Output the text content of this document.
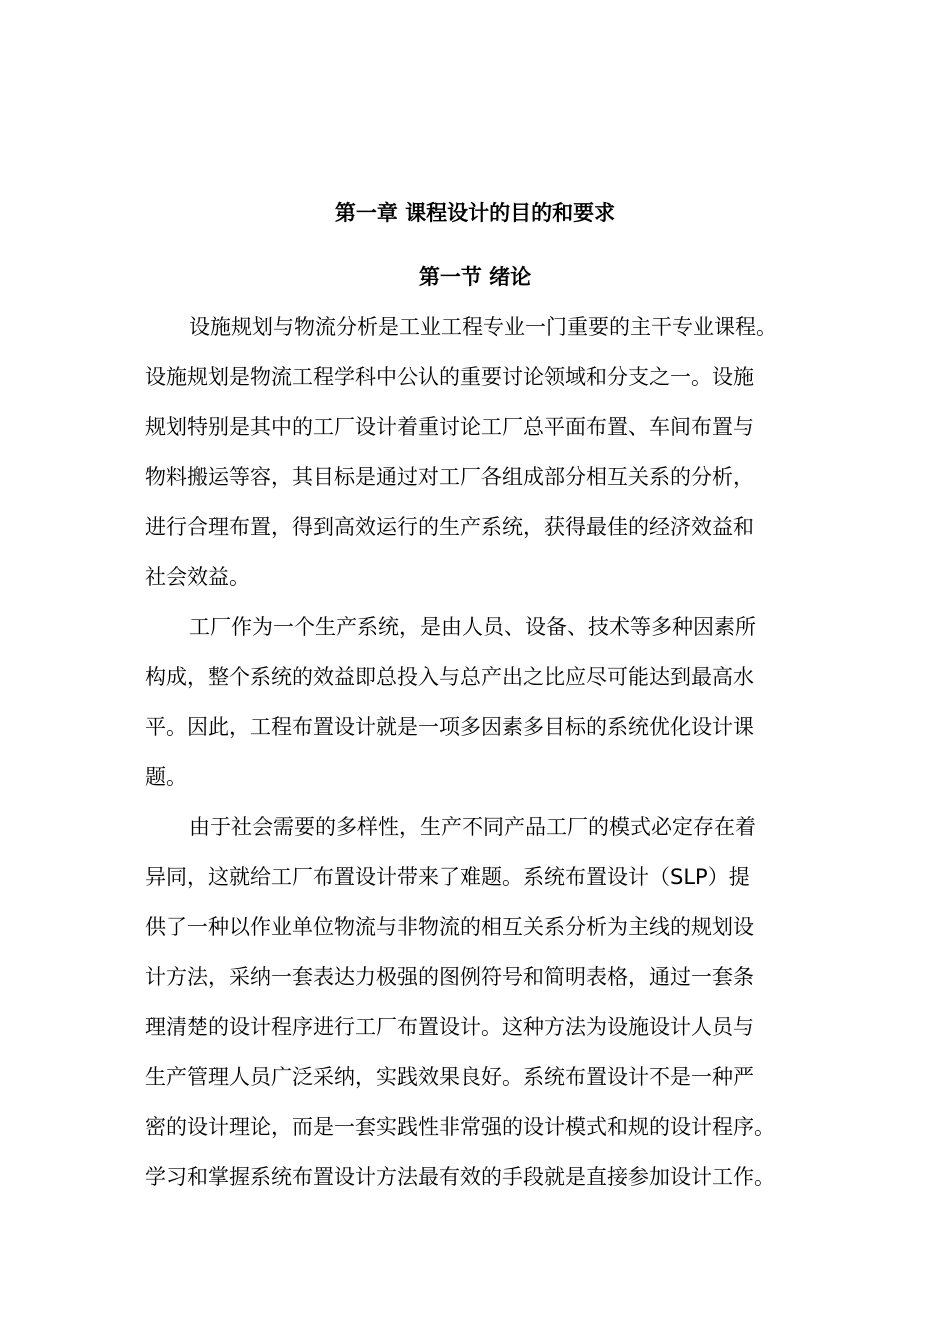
第一章 课程设计的目的和要求
第一节 绪论
设施规划与物流分析是工业工程专业一门重要的主干专业课程。
设施规划是物流工程学科中公认的重要讨论领域和分支之一。设施
规划特别是其中的工厂设计着重讨论工厂总平面布置、车间布置与
物料搬运等容，其目标是通过对工厂各组成部分相互关系的分析，
进行合理布置，得到高效运行的生产系统，获得最佳的经济效益和
社会效益。
工厂作为一个生产系统，是由人员、设备、技术等多种因素所
构成，整个系统的效益即总投入与总产出之比应尽可能达到最高水
平。因此，工程布置设计就是一项多因素多目标的系统优化设计课
题。
由于社会需要的多样性，生产不同产品工厂的模式必定存在着
异同，这就给工厂布置设计带来了难题。系统布置设计（SLP）提
供了一种以作业单位物流与非物流的相互关系分析为主线的规划设
计方法，采纳一套表达力极强的图例符号和简明表格，通过一套条
理清楚的设计程序进行工厂布置设计。这种方法为设施设计人员与
生产管理人员广泛采纳，实践效果良好。系统布置设计不是一种严
密的设计理论，而是一套实践性非常强的设计模式和规的设计程序。
学习和掌握系统布置设计方法最有效的手段就是直接参加设计工作。
